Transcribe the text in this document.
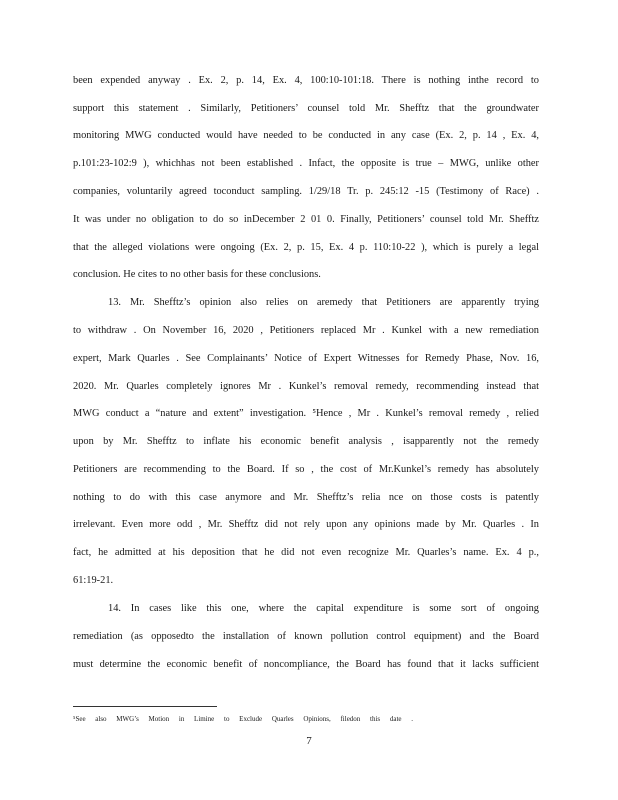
been expended anyway . Ex. 2, p. 14, Ex. 4, 100:10-101:18. There is nothing inthe record to
support this statement . Similarly, Petitioners’ counsel told Mr. Shefftz that the groundwater
monitoring MWG conducted would have needed to be conducted in any case (Ex. 2, p. 14 , Ex. 4,
p.101:23-102:9 ), whichhas not been established . Infact, the opposite is true – MWG, unlike other
companies, voluntarily agreed toconduct sampling. 1/29/18 Tr. p. 245:12 -15 (Testimony of Race) .
It was under no obligation to do so inDecember 2 01 0. Finally, Petitioners’ counsel told Mr. Shefftz
that the alleged violations were ongoing (Ex. 2, p. 15, Ex. 4 p. 110:10-22 ), which is purely a legal
conclusion. He cites to no other basis for these conclusions.
13. Mr. Shefftz’s opinion also relies on aremedy that Petitioners are apparently trying
to withdraw . On November 16, 2020 , Petitioners replaced Mr . Kunkel with a new remediation
expert, Mark Quarles . See Complainants’ Notice of Expert Witnesses for Remedy Phase, Nov. 16,
2020. Mr. Quarles completely ignores Mr . Kunkel’s removal remedy, recommending instead that
MWG conduct a “nature and extent” investigation. ⁵Hence , Mr . Kunkel’s removal remedy , relied
upon by Mr. Shefftz to inflate his economic benefit analysis , isapparently not the remedy
Petitioners are recommending to the Board. If so , the cost of Mr.Kunkel’s remedy has absolutely
nothing to do with this case anymore and Mr. Shefftz’s relia nce on those costs is patently
irrelevant. Even more odd , Mr. Shefftz did not rely upon any opinions made by Mr. Quarles . In
fact, he admitted at his deposition that he did not even recognize Mr. Quarles’s name. Ex. 4 p.,
61:19-21.
14. In cases like this one, where the capital expenditure is some sort of ongoing
remediation (as opposedto the installation of known pollution control equipment) and the Board
must determine the economic benefit of noncompliance, the Board has found that it lacks sufficient
⁵See also MWG’s Motion in Limine to Exclude Quarles Opinions, filedon this date .
7
